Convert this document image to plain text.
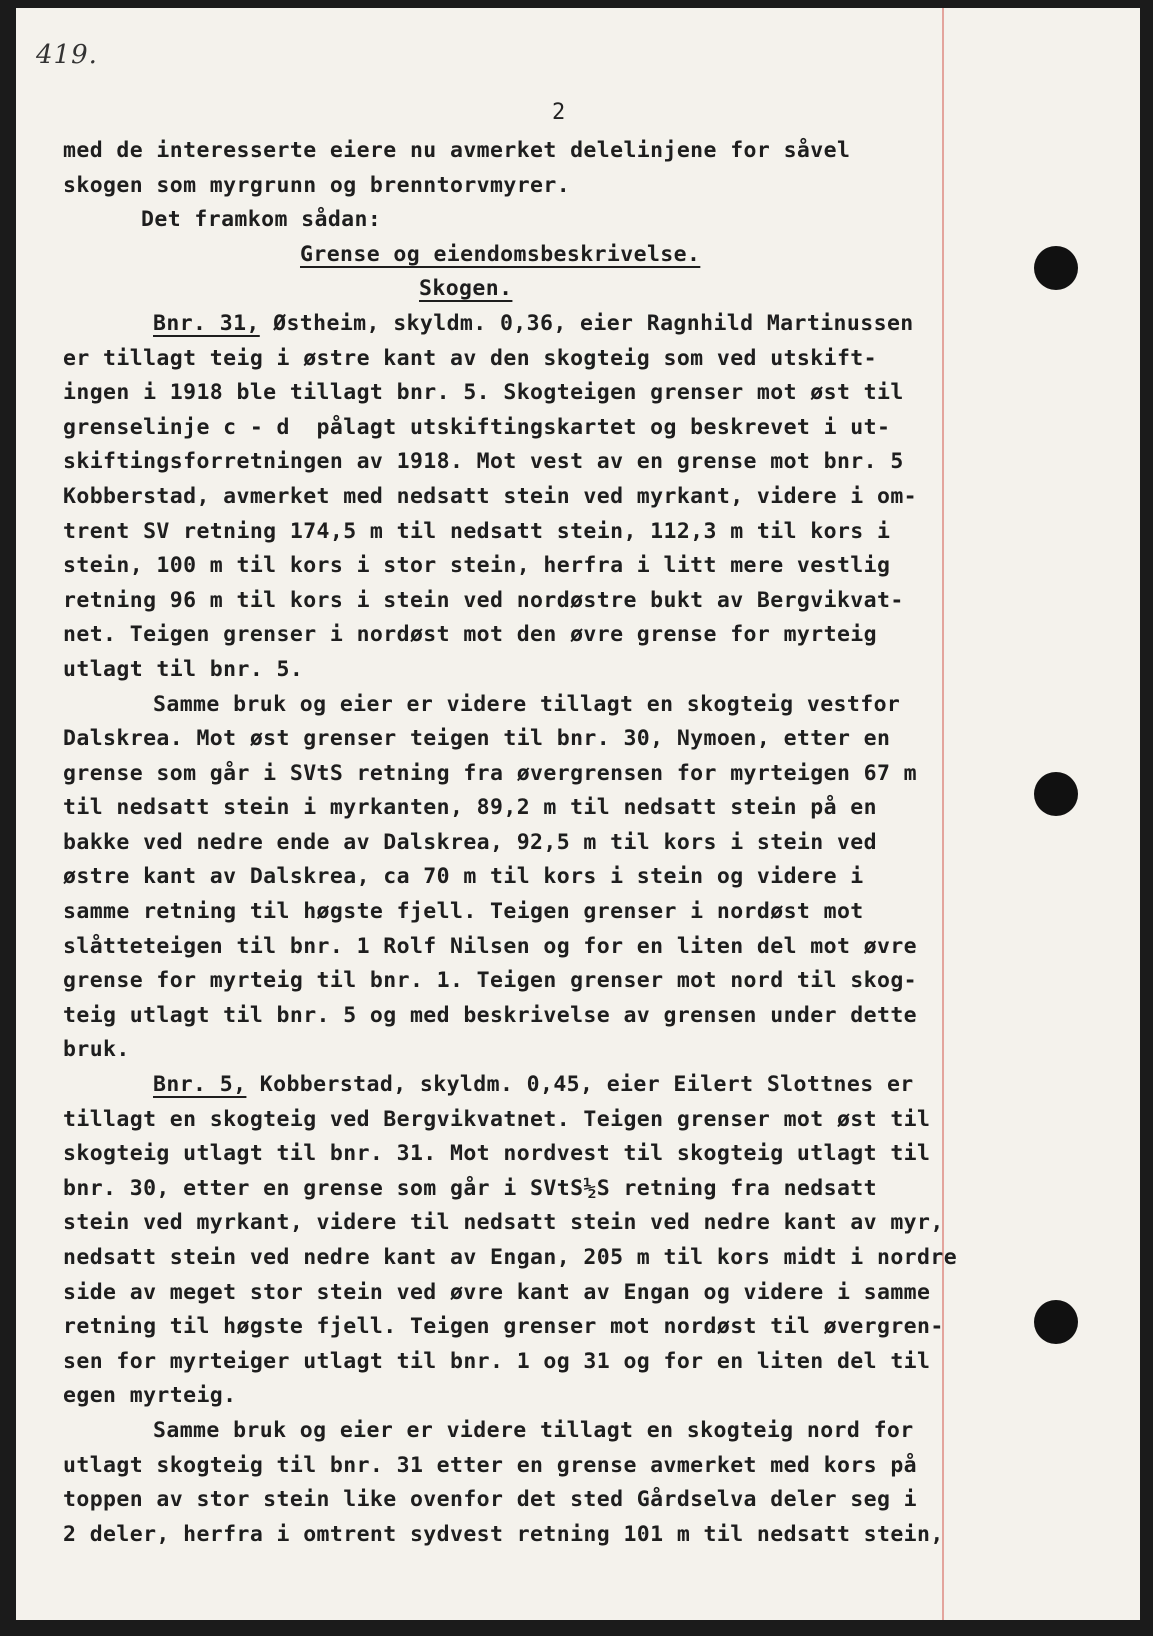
419.
2
med de interesserte eiere nu avmerket delelinjene for såvel
skogen som myrgrunn og brenntorvmyrer.
Det framkom sådan:
Grense og eiendomsbeskrivelse.
Skogen.
Bnr. 31, Østheim, skyldm. 0,36, eier Ragnhild Martinussen
er tillagt teig i østre kant av den skogteig som ved utskift-
ingen i 1918 ble tillagt bnr. 5. Skogteigen grenser mot øst til
grenselinje c - d  pålagt utskiftingskartet og beskrevet i ut-
skiftingsforretningen av 1918. Mot vest av en grense mot bnr. 5
Kobberstad, avmerket med nedsatt stein ved myrkant, videre i om-
trent SV retning 174,5 m til nedsatt stein, 112,3 m til kors i
stein, 100 m til kors i stor stein, herfra i litt mere vestlig
retning 96 m til kors i stein ved nordøstre bukt av Bergvikvat-
net. Teigen grenser i nordøst mot den øvre grense for myrteig
utlagt til bnr. 5.
Samme bruk og eier er videre tillagt en skogteig vestfor
Dalskrea. Mot øst grenser teigen til bnr. 30, Nymoen, etter en
grense som går i SVtS retning fra øvergrensen for myrteigen 67 m
til nedsatt stein i myrkanten, 89,2 m til nedsatt stein på en
bakke ved nedre ende av Dalskrea, 92,5 m til kors i stein ved
østre kant av Dalskrea, ca 70 m til kors i stein og videre i
samme retning til høgste fjell. Teigen grenser i nordøst mot
slåtteteigen til bnr. 1 Rolf Nilsen og for en liten del mot øvre
grense for myrteig til bnr. 1. Teigen grenser mot nord til skog-
teig utlagt til bnr. 5 og med beskrivelse av grensen under dette
bruk.
Bnr. 5, Kobberstad, skyldm. 0,45, eier Eilert Slottnes er
tillagt en skogteig ved Bergvikvatnet. Teigen grenser mot øst til
skogteig utlagt til bnr. 31. Mot nordvest til skogteig utlagt til
bnr. 30, etter en grense som går i SVtS½S retning fra nedsatt
stein ved myrkant, videre til nedsatt stein ved nedre kant av myr,
nedsatt stein ved nedre kant av Engan, 205 m til kors midt i nordre
side av meget stor stein ved øvre kant av Engan og videre i samme
retning til høgste fjell. Teigen grenser mot nordøst til øvergren-
sen for myrteiger utlagt til bnr. 1 og 31 og for en liten del til
egen myrteig.
Samme bruk og eier er videre tillagt en skogteig nord for
utlagt skogteig til bnr. 31 etter en grense avmerket med kors på
toppen av stor stein like ovenfor det sted Gårdselva deler seg i
2 deler, herfra i omtrent sydvest retning 101 m til nedsatt stein,
